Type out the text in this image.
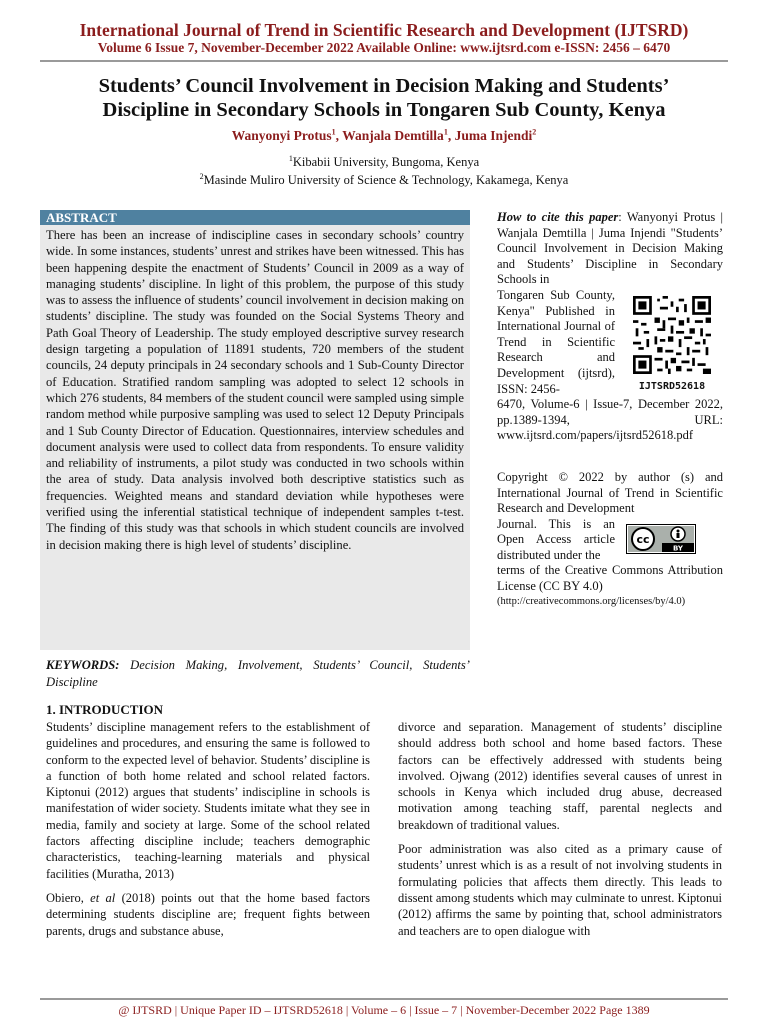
International Journal of Trend in Scientific Research and Development (IJTSRD)
Volume 6 Issue 7, November-December 2022 Available Online: www.ijtsrd.com e-ISSN: 2456 – 6470
Students’ Council Involvement in Decision Making and Students’
Discipline in Secondary Schools in Tongaren Sub County, Kenya
Wanyonyi Protus$^1$, Wanjala Demtilla$^1$, Juma Injendi$^2$
$^1$Kibabii University, Bungoma, Kenya
$^2$Masinde Muliro University of Science & Technology, Kakamega, Kenya
ABSTRACT

There has been an increase of indiscipline cases in secondary schools’ country wide. In some instances, students’ unrest and strikes have been witnessed. This has been happening despite the enactment of Students’ Council in 2009 as a way of managing students’ discipline. In light of this problem, the purpose of this study was to assess the influence of students’ council involvement in decision making on students’ discipline. The study was founded on the Social Systems Theory and Path Goal Theory of Leadership. The study employed descriptive survey research design targeting a population of 11891 students, 720 members of the student councils, 24 deputy principals in 24 secondary schools and 1 Sub-County Director of Education. Stratified random sampling was adopted to select 12 schools in which 276 students, 84 members of the student council were sampled using simple random method while purposive sampling was used to select 12 Deputy Principals and 1 Sub County Director of Education. Questionnaires, interview schedules and document analysis were used to collect data from respondents. To ensure validity and reliability of instruments, a pilot study was conducted in two schools within the area of study. Data analysis involved both descriptive statistics such as frequencies. Weighted means and standard deviation while hypotheses were verified using the inferential statistical technique of independent samples t-test. The finding of this study was that schools in which student councils are involved in decision making there is high level of students’ discipline.

KEYWORDS: Decision Making, Involvement, Students’ Council, Students’ Discipline

How to cite this paper: Wanyonyi Protus | Wanjala Demtilla | Juma Injendi "Students’ Council Involvement in Decision Making and Students’ Discipline in Secondary Schools in

Tongaren Sub County, Kenya" Published in International Journal of Trend in Scientific Research and Development (ijtsrd), ISSN: 2456-

6470, Volume-6 | Issue-7, December 2022, pp.1389-1394, URL: www.ijtsrd.com/papers/ijtsrd52618.pdf

IJTSRD52618
Copyright © 2022 by author (s) and International Journal of Trend in Scientific Research and Development
Journal. This is an Open Access article distributed under the
cc
BY
terms of the Creative Commons Attribution License (CC BY 4.0)
(http://creativecommons.org/licenses/by/4.0)
1. INTRODUCTION

Students’ discipline management refers to the establishment of guidelines and procedures, and ensuring the same is followed to conform to the expected level of behavior. Students’ discipline is a function of both home related and school related factors. Kiptonui (2012) argues that students’ indiscipline in schools is manifestation of wider society. Students imitate what they see in media, family and society at large. Some of the school related factors affecting discipline include; teachers demographic characteristics, teaching-learning materials and physical facilities (Muratha, 2013)

Obiero, et al (2018) points out that the home based factors determining students discipline are; frequent fights between parents, drugs and substance abuse,

divorce and separation. Management of students’ discipline should address both school and home based factors. These factors can be effectively addressed with students being involved. Ojwang (2012) identifies several causes of unrest in schools in Kenya which included drug abuse, decreased motivation among teaching staff, parental neglects and breakdown of traditional values.

Poor administration was also cited as a primary cause of students’ unrest which is as a result of not involving students in formulating policies that affects them directly. This leads to dissent among students which may culminate to unrest. Kiptonui (2012) affirms the same by pointing that, school administrators and teachers are to open dialogue with

@ IJTSRD | Unique Paper ID – IJTSRD52618 | Volume – 6 | Issue – 7 | November-December 2022 Page 1389
